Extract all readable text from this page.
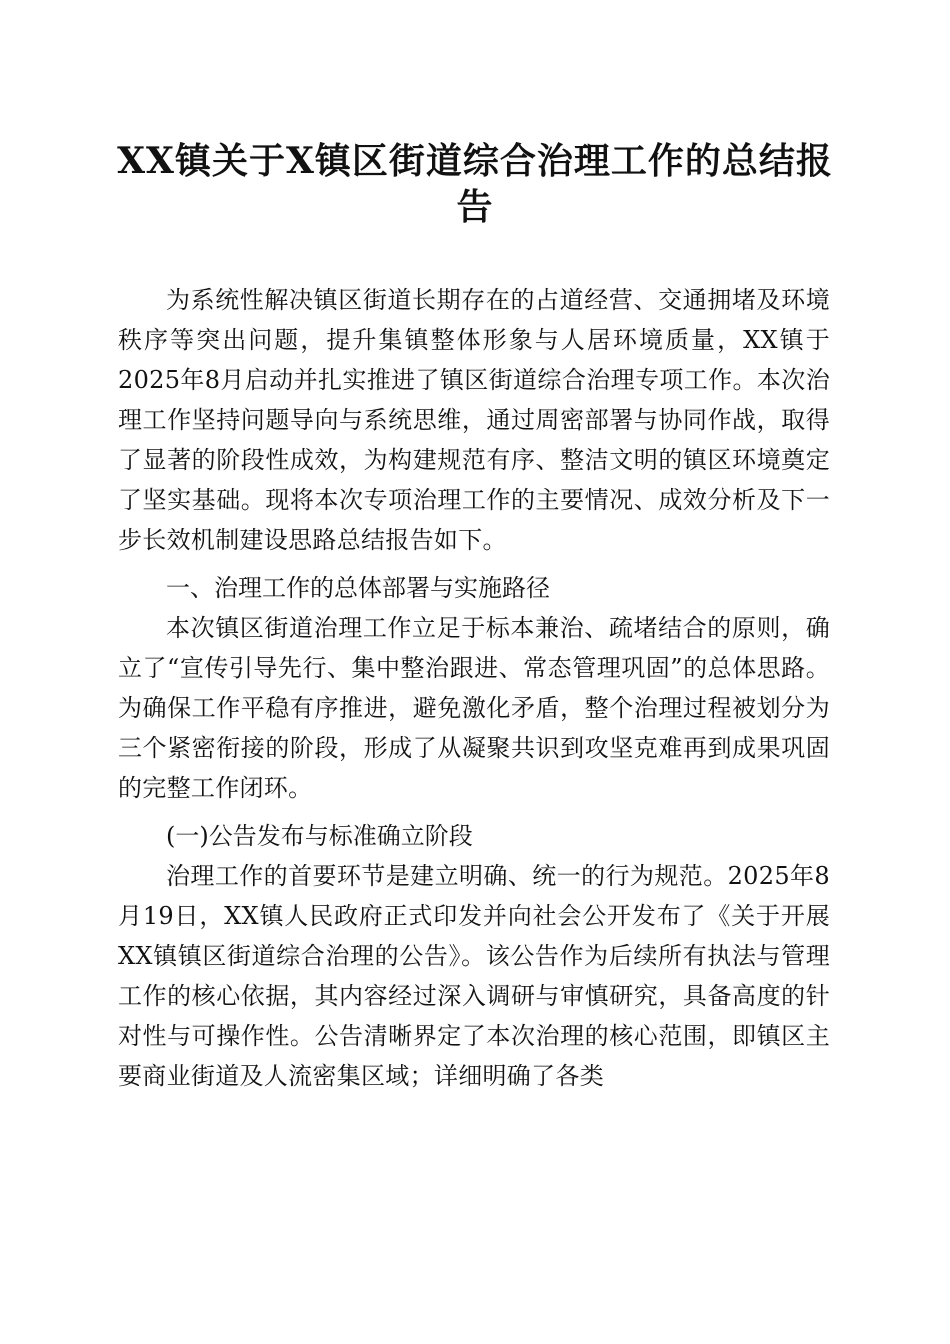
XX镇关于X镇区街道综合治理工作的总结报告

为系统性解决镇区街道长期存在的占道经营、交通拥堵及环境秩序等突出问题，提升集镇整体形象与人居环境质量，XX镇于2025年8月启动并扎实推进了镇区街道综合治理专项工作。本次治理工作坚持问题导向与系统思维，通过周密部署与协同作战，取得了显著的阶段性成效，为构建规范有序、整洁文明的镇区环境奠定了坚实基础。现将本次专项治理工作的主要情况、成效分析及下一步长效机制建设思路总结报告如下。

一、治理工作的总体部署与实施路径

本次镇区街道治理工作立足于标本兼治、疏堵结合的原则，确立了“宣传引导先行、集中整治跟进、常态管理巩固”的总体思路。为确保工作平稳有序推进，避免激化矛盾，整个治理过程被划分为三个紧密衔接的阶段，形成了从凝聚共识到攻坚克难再到成果巩固的完整工作闭环。

(一)公告发布与标准确立阶段

治理工作的首要环节是建立明确、统一的行为规范。2025年8月19日，XX镇人民政府正式印发并向社会公开发布了《关于开展XX镇镇区街道综合治理的公告》。该公告作为后续所有执法与管理工作的核心依据，其内容经过深入调研与审慎研究，具备高度的针对性与可操作性。公告清晰界定了本次治理的核心范围，即镇区主要商业街道及人流密集区域；详细明确了各类
